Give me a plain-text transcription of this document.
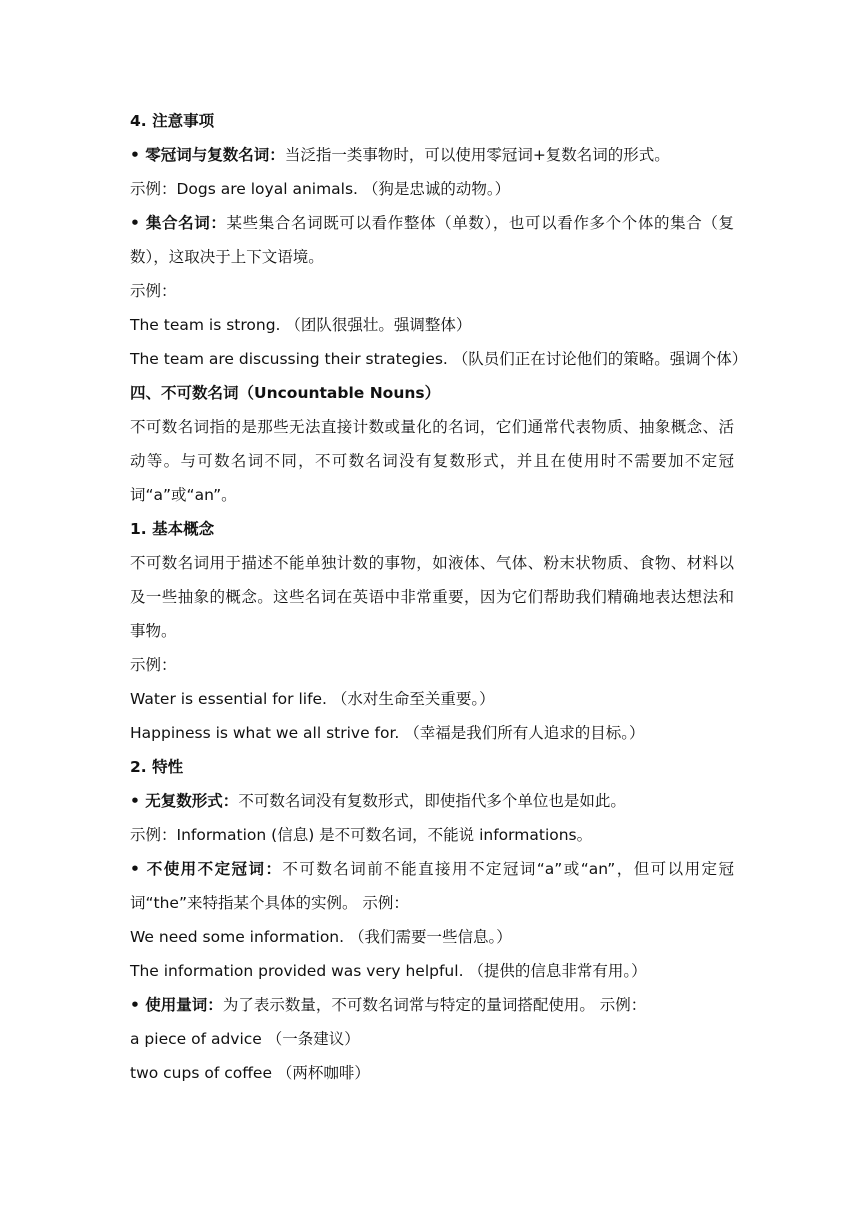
4. 注意事项
• 零冠词与复数名词：当泛指一类事物时，可以使用零冠词+复数名词的形式。
示例：Dogs are loyal animals. （狗是忠诚的动物。）
• 集合名词：某些集合名词既可以看作整体（单数），也可以看作多个个体的集合（复数），这取决于上下文语境。
示例：
The team is strong. （团队很强壮。强调整体）
The team are discussing their strategies. （队员们正在讨论他们的策略。强调个体）
四、不可数名词（Uncountable Nouns）
不可数名词指的是那些无法直接计数或量化的名词，它们通常代表物质、抽象概念、活动等。与可数名词不同，不可数名词没有复数形式，并且在使用时不需要加不定冠词“a”或“an”。
1. 基本概念
不可数名词用于描述不能单独计数的事物，如液体、气体、粉末状物质、食物、材料以及一些抽象的概念。这些名词在英语中非常重要，因为它们帮助我们精确地表达想法和事物。
示例：
Water is essential for life. （水对生命至关重要。）
Happiness is what we all strive for. （幸福是我们所有人追求的目标。）
2. 特性
• 无复数形式：不可数名词没有复数形式，即使指代多个单位也是如此。
示例：Information (信息) 是不可数名词，不能说 informations。
• 不使用不定冠词：不可数名词前不能直接用不定冠词“a”或“an”，但可以用定冠词“the”来特指某个具体的实例。 示例：
We need some information. （我们需要一些信息。）
The information provided was very helpful. （提供的信息非常有用。）
• 使用量词：为了表示数量，不可数名词常与特定的量词搭配使用。 示例：
a piece of advice （一条建议）
two cups of coffee （两杯咖啡）
